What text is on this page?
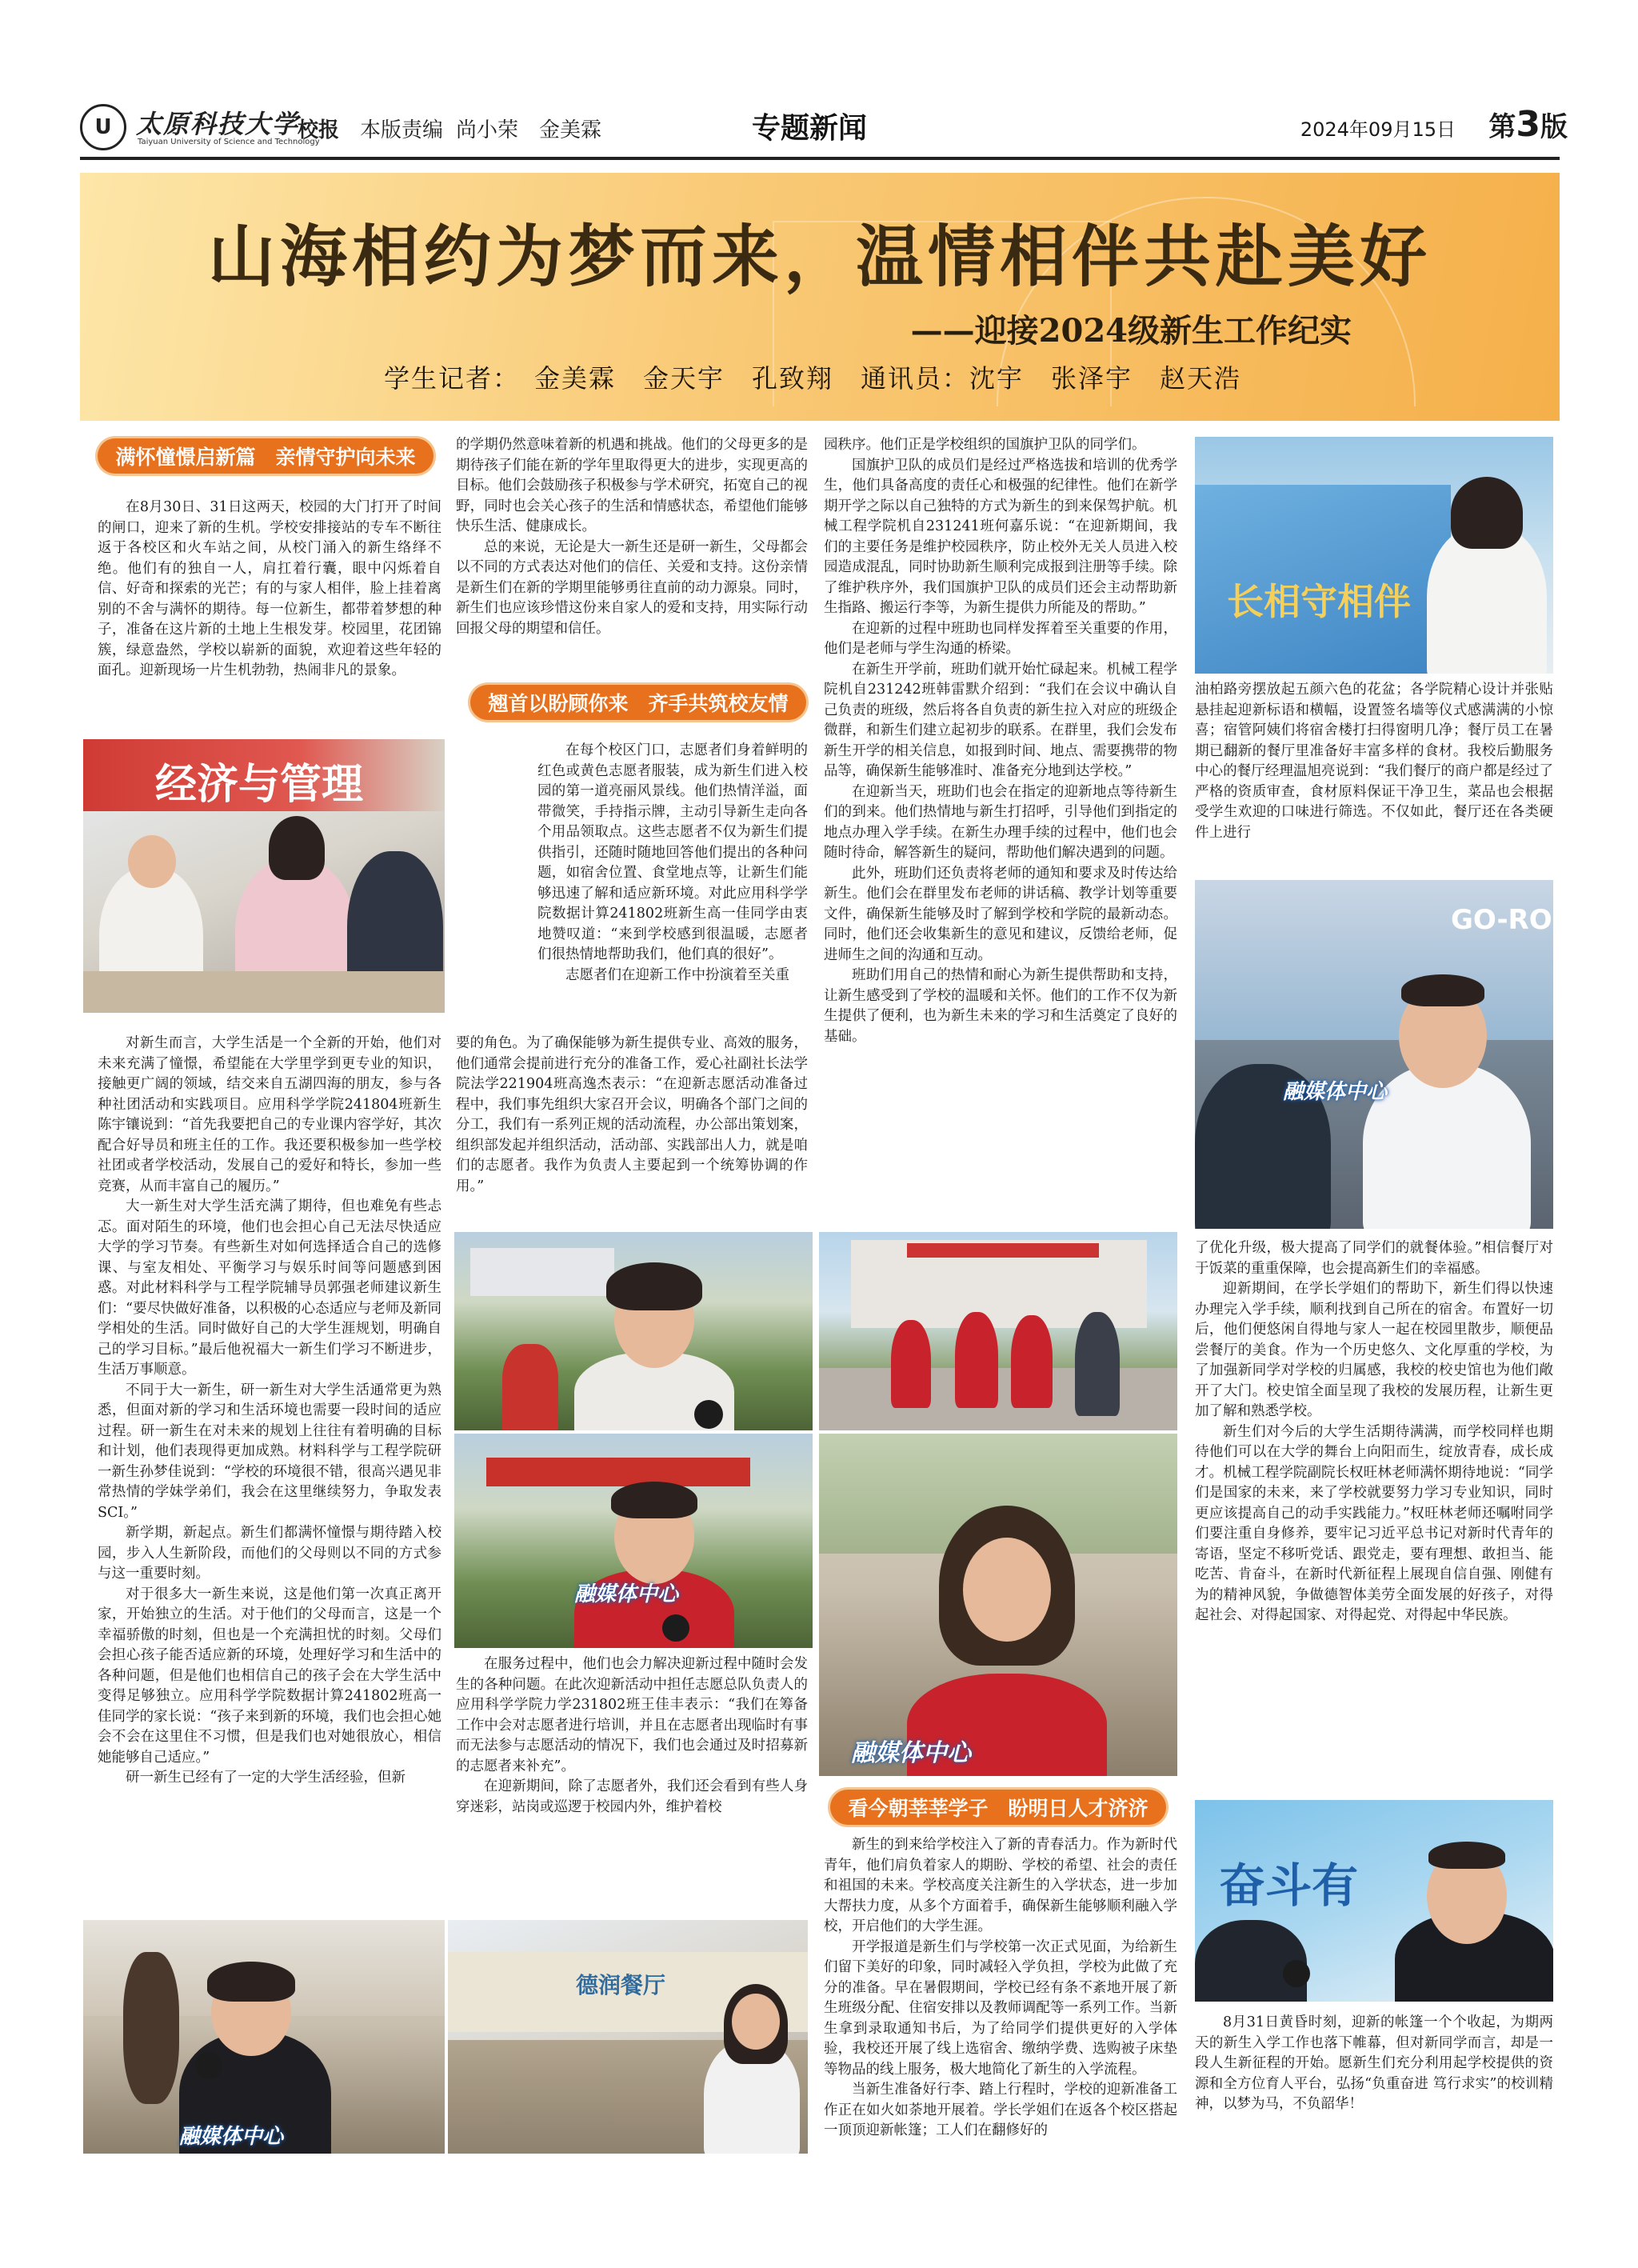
U 太原科技大学
Taiyuan University of Science and Technology
校报 本版责编 尚小荣　金美霖	专题新闻	2024年09月15日 第3版
山海相约为梦而来，温情相伴共赴美好
——迎接2024级新生工作纪实
学生记者：　金美霖　金天宇　孔致翔　通讯员：沈宇　张泽宇　赵天浩
满怀憧憬启新篇　亲情守护向未来
翘首以盼顾你来　齐手共筑校友情
看今朝莘莘学子　盼明日人才济济

在8月30日、31日这两天，校园的大门打开了时间的闸口，迎来了新的生机。学校安排接站的专车不断往返于各校区和火车站之间，从校门涌入的新生络绎不绝。他们有的独自一人，肩扛着行囊，眼中闪烁着自信、好奇和探索的光芒；有的与家人相伴，脸上挂着离别的不舍与满怀的期待。每一位新生，都带着梦想的种子，准备在这片新的土地上生根发芽。校园里，花团锦簇，绿意盎然，学校以崭新的面貌，欢迎着这些年轻的面孔。迎新现场一片生机勃勃，热闹非凡的景象。

经济与管理

对新生而言，大学生活是一个全新的开始，他们对未来充满了憧憬，希望能在大学里学到更专业的知识，接触更广阔的领域，结交来自五湖四海的朋友，参与各种社团活动和实践项目。应用科学学院241804班新生陈宇镶说到：“首先我要把自己的专业课内容学好，其次配合好导员和班主任的工作。我还要积极参加一些学校社团或者学校活动，发展自己的爱好和特长，参加一些竞赛，从而丰富自己的履历。”

大一新生对大学生活充满了期待，但也难免有些忐忑。面对陌生的环境，他们也会担心自己无法尽快适应大学的学习节奏。有些新生对如何选择适合自己的选修课、与室友相处、平衡学习与娱乐时间等问题感到困惑。对此材料科学与工程学院辅导员郭强老师建议新生们：“要尽快做好准备，以积极的心态适应与老师及新同学相处的生活。同时做好自己的大学生涯规划，明确自己的学习目标。”最后他祝福大一新生们学习不断进步，生活万事顺意。

不同于大一新生，研一新生对大学生活通常更为熟悉，但面对新的学习和生活环境也需要一段时间的适应过程。研一新生在对未来的规划上往往有着明确的目标和计划，他们表现得更加成熟。材料科学与工程学院研一新生孙梦佳说到：“学校的环境很不错，很高兴遇见非常热情的学妹学弟们，我会在这里继续努力，争取发表SCI。”

新学期，新起点。新生们都满怀憧憬与期待踏入校园，步入人生新阶段，而他们的父母则以不同的方式参与这一重要时刻。

对于很多大一新生来说，这是他们第一次真正离开家，开始独立的生活。对于他们的父母而言，这是一个幸福骄傲的时刻，但也是一个充满担忧的时刻。父母们会担心孩子能否适应新的环境，处理好学习和生活中的各种问题，但是他们也相信自己的孩子会在大学生活中变得足够独立。应用科学学院数据计算241802班高一佳同学的家长说：“孩子来到新的环境，我们也会担心她会不会在这里住不习惯，但是我们也对她很放心，相信她能够自己适应。”

研一新生已经有了一定的大学生活经验，但新

融媒体中心
德润餐厅

的学期仍然意味着新的机遇和挑战。他们的父母更多的是期待孩子们能在新的学年里取得更大的进步，实现更高的目标。他们会鼓励孩子积极参与学术研究，拓宽自己的视野，同时也会关心孩子的生活和情感状态，希望他们能够快乐生活、健康成长。

总的来说，无论是大一新生还是研一新生，父母都会以不同的方式表达对他们的信任、关爱和支持。这份亲情是新生们在新的学期里能够勇往直前的动力源泉。同时，新生们也应该珍惜这份来自家人的爱和支持，用实际行动回报父母的期望和信任。

在每个校区门口，志愿者们身着鲜明的红色或黄色志愿者服装，成为新生们进入校园的第一道亮丽风景线。他们热情洋溢，面带微笑，手持指示牌，主动引导新生走向各个用品领取点。这些志愿者不仅为新生们提供指引，还随时随地回答他们提出的各种问题，如宿舍位置、食堂地点等，让新生们能够迅速了解和适应新环境。对此应用科学学院数据计算241802班新生高一佳同学由衷地赞叹道：“来到学校感到很温暖，志愿者们很热情地帮助我们，他们真的很好”。

志愿者们在迎新工作中扮演着至关重

要的角色。为了确保能够为新生提供专业、高效的服务，他们通常会提前进行充分的准备工作，爱心社副社长法学院法学221904班高逸杰表示：“在迎新志愿活动准备过程中，我们事先组织大家召开会议，明确各个部门之间的分工，我们有一系列正规的活动流程，办公部出策划案，组织部发起并组织活动，活动部、实践部出人力，就是咱们的志愿者。我作为负责人主要起到一个统筹协调的作用。”

融媒体中心
融媒体中心

在服务过程中，他们也会力解决迎新过程中随时会发生的各种问题。在此次迎新活动中担任志愿总队负责人的应用科学学院力学231802班王佳丰表示：“我们在筹备工作中会对志愿者进行培训，并且在志愿者出现临时有事而无法参与志愿活动的情况下，我们也会通过及时招募新的志愿者来补充”。

在迎新期间，除了志愿者外，我们还会看到有些人身穿迷彩，站岗或巡逻于校园内外，维护着校

园秩序。他们正是学校组织的国旗护卫队的同学们。

国旗护卫队的成员们是经过严格选拔和培训的优秀学生，他们具备高度的责任心和极强的纪律性。他们在新学期开学之际以自己独特的方式为新生的到来保驾护航。机械工程学院机自231241班何嘉乐说：“在迎新期间，我们的主要任务是维护校园秩序，防止校外无关人员进入校园造成混乱，同时协助新生顺利完成报到注册等手续。除了维护秩序外，我们国旗护卫队的成员们还会主动帮助新生指路、搬运行李等，为新生提供力所能及的帮助。”

在迎新的过程中班助也同样发挥着至关重要的作用，他们是老师与学生沟通的桥梁。

在新生开学前，班助们就开始忙碌起来。机械工程学院机自231242班韩雷默介绍到：“我们在会议中确认自己负责的班级，然后将各自负责的新生拉入对应的班级企微群，和新生们建立起初步的联系。在群里，我们会发布新生开学的相关信息，如报到时间、地点、需要携带的物品等，确保新生能够准时、准备充分地到达学校。”

在迎新当天，班助们也会在指定的迎新地点等待新生们的到来。他们热情地与新生打招呼，引导他们到指定的地点办理入学手续。在新生办理手续的过程中，他们也会随时待命，解答新生的疑问，帮助他们解决遇到的问题。

此外，班助们还负责将老师的通知和要求及时传达给新生。他们会在群里发布老师的讲话稿、教学计划等重要文件，确保新生能够及时了解到学校和学院的最新动态。同时，他们还会收集新生的意见和建议，反馈给老师，促进师生之间的沟通和互动。

班助们用自己的热情和耐心为新生提供帮助和支持，让新生感受到了学校的温暖和关怀。他们的工作不仅为新生提供了便利，也为新生未来的学习和生活奠定了良好的基础。

新生的到来给学校注入了新的青春活力。作为新时代青年，他们肩负着家人的期盼、学校的希望、社会的责任和祖国的未来。学校高度关注新生的入学状态，进一步加大帮扶力度，从多个方面着手，确保新生能够顺利融入学校，开启他们的大学生涯。

开学报道是新生们与学校第一次正式见面，为给新生们留下美好的印象，同时减轻入学负担，学校为此做了充分的准备。早在暑假期间，学校已经有条不紊地开展了新生班级分配、住宿安排以及教师调配等一系列工作。当新生拿到录取通知书后，为了给同学们提供更好的入学体验，我校还开展了线上选宿舍、缴纳学费、选购被子床垫等物品的线上服务，极大地简化了新生的入学流程。

当新生准备好行李、踏上行程时，学校的迎新准备工作正在如火如荼地开展着。学长学姐们在返各个校区搭起一顶顶迎新帐篷；工人们在翻修好的

长相守相伴

油柏路旁摆放起五颜六色的花盆；各学院精心设计并张贴悬挂起迎新标语和横幅，设置签名墙等仪式感满满的小惊喜；宿管阿姨们将宿舍楼打扫得窗明几净；餐厅员工在暑期已翻新的餐厅里准备好丰富多样的食材。我校后勤服务中心的餐厅经理温旭亮说到：“我们餐厅的商户都是经过了严格的资质审查，食材原料保证干净卫生，菜品也会根据受学生欢迎的口味进行筛选。不仅如此，餐厅还在各类硬件上进行

GO-RO
融媒体中心

了优化升级，极大提高了同学们的就餐体验。”相信餐厅对于饭菜的重重保障，也会提高新生们的幸福感。

迎新期间，在学长学姐们的帮助下，新生们得以快速办理完入学手续，顺利找到自己所在的宿舍。布置好一切后，他们便悠闲自得地与家人一起在校园里散步，顺便品尝餐厅的美食。作为一个历史悠久、文化厚重的学校，为了加强新同学对学校的归属感，我校的校史馆也为他们敞开了大门。校史馆全面呈现了我校的发展历程，让新生更加了解和熟悉学校。

新生们对今后的大学生活期待满满，而学校同样也期待他们可以在大学的舞台上向阳而生，绽放青春，成长成才。机械工程学院副院长权旺林老师满怀期待地说：“同学们是国家的未来，来了学校就要努力学习专业知识，同时更应该提高自己的动手实践能力。”权旺林老师还嘱咐同学们要注重自身修养，要牢记习近平总书记对新时代青年的寄语，坚定不移听党话、跟党走，要有理想、敢担当、能吃苦、肯奋斗，在新时代新征程上展现自信自强、刚健有为的精神风貌，争做德智体美劳全面发展的好孩子，对得起社会、对得起国家、对得起党、对得起中华民族。

奋斗有

8月31日黄昏时刻，迎新的帐篷一个个收起，为期两天的新生入学工作也落下帷幕，但对新同学而言，却是一段人生新征程的开始。愿新生们充分利用起学校提供的资源和全方位育人平台，弘扬“负重奋进 笃行求实”的校训精神，以梦为马，不负韶华！
